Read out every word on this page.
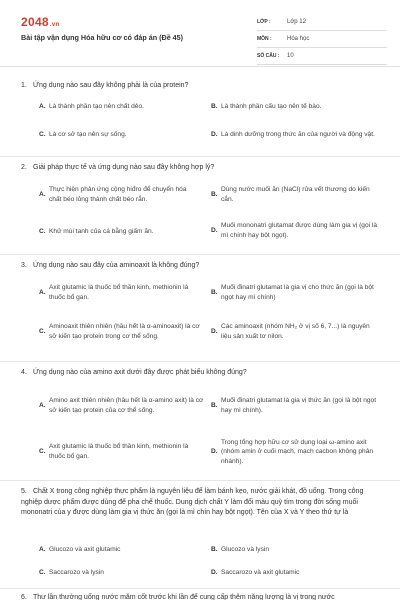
2048.vn
Bài tập vận dụng Hóa hữu cơ có đáp án (Đề 45)
LỚP :	Lớp 12
MÔN :	Hóa học
SỐ CÂU :	10
1. Ứng dụng nào sau đây không phải là của protein?
A. Là thành phần tạo nên chất dẻo.	B. Là thành phần cấu tạo nên tế bào.
C. Là cơ sở tạo nên sự sống.	D. Là dinh dưỡng trong thức ăn của người và động vật.
2. Giải pháp thực tế và ứng dụng nào sau đây không hợp lý?
A.
Thực hiện phản ứng cộng hiđro để chuyển hóa chất béo lỏng thành chất béo rắn.
B.
Dùng nước muối ăn (NaCl) rửa vết thương do kiến cắn.
C. Khử mùi tanh của cá bằng giấm ăn.	D.
Muối mononatri glutamat được dùng làm gia vị (gọi là mì chính hay bột ngọt).
3. Ứng dụng nào sau đây của aminoaxit là không đúng?
A.
Axit glutamic là thuốc bổ thần kinh, methionin là thuốc bổ gan.
B.
Muối đinatri glutamat là gia vị cho thức ăn (gọi là bột ngọt hay mì chính)
C.
Aminoaxit thiên nhiên (hầu hết là α-aminoaxit) là cơ sở kiến tạo protein trong cơ thể sống.
D.
Các aminoaxit (nhóm NH₂ ở vị số 6, 7...) là nguyên liệu sản xuất tơ nilon.
4. Ứng dụng nào của amino axit dưới đây được phát biểu không đúng?
A.
Amino axit thiên nhiên (hầu hết là α-amino axit) là cơ sở kiến tạo protein của cơ thể sống.
B.
Muối đinatri glutamat là gia vị thức ăn (gọi là bột ngọt hay mì chính).
C.
Axit glutamic là thuốc bổ thần kinh, methionin là thuốc bổ gan.
D.
Trong tổng hợp hữu cơ sử dụng loại ω-amino axit (nhóm amin ở cuối mạch, mạch cacbon không phân nhánh).
5. Chất X trong công nghiệp thực phẩm là nguyên liệu để làm bánh kẹo, nước giải khát, đồ uống. Trong công nghiệp dược phẩm được dùng để pha chế thuốc. Dung dịch chất Y làm đổi màu quỳ tím trong đời sống muối mononatri của y được dùng làm gia vị thức ăn (gọi là mì chín hay bột ngọt). Tên của X và Y theo thứ tự là
A. Glucozo và axit glutamic	B. Glucozo và lysin
C. Saccarozo và lysin	D. Saccarozo và axit glutamic
6. Thư lần thường uống nước mắm cốt trước khi lần để cung cấp thêm năng lượng là vị trong nước
